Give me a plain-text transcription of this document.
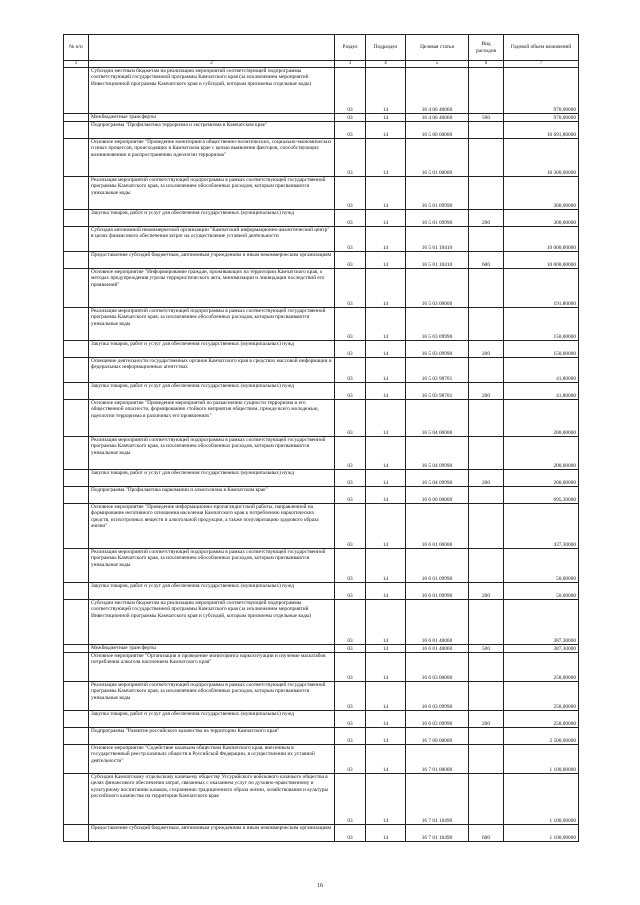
№ п/п		Раздел	Подраздел	Целевая статья	Вид расходов	Годовой объем назначений
1	2	3	4	5	6	7
	Субсидии местным бюджетам на реализацию мероприятий соответствующей подпрограммы соответствующей государственной программы Камчатского края (за исключением мероприятий Инвестиционной программы Камчатского края и субсидий, которым присвоены отдельные коды)	03	14	16 4 06 40060		970,00000
	Межбюджетные трансферты	03	14	16 4 06 40060	500	970,00000
	Подпрограмма "Профилактика терроризма и экстремизма в Камчатском крае"	03	14	16 5 00 00000		10 691,80000
	Основное мероприятие "Проведение мониторинга общественно-политических, социально-экономических и иных процессов, происходящих в Камчатском крае с целью выявления факторов, способствующих возникновению и распространению идеологии терроризма"	03	14	16 5 01 00000		10 300,00000
	Реализация мероприятий соответствующей подпрограммы в рамках соответствующей государственной программы Камчатского края, за исключением обособленных расходов, которым присваиваются уникальные коды	03	14	16 5 01 09990		300,00000
	Закупка товаров, работ и услуг для обеспечения государственных (муниципальных) нужд	03	14	16 5 01 09990	200	300,00000
	Субсидия автономной некоммерческой организации "Камчатский информационно-аналитический центр" в целях финансового обеспечения затрат на осуществление уставной деятельности	03	14	16 5 01 10410		10 000,00000
	Предоставление субсидий бюджетным, автономным учреждениям и иным некоммерческим организациям	03	14	16 5 01 10410	600	10 000,00000
	Основное мероприятие "Информирование граждан, проживающих на территории Камчатского края, о методах предупреждения угрозы террористического акта, минимизации и ликвидации последствий его проявлений"	03	14	16 5 03 00000		191,80000
	Реализация мероприятий соответствующей подпрограммы в рамках соответствующей государственной программы Камчатского края, за исключением обособленных расходов, которым присваиваются уникальные коды	03	14	16 5 03 09990		150,00000
	Закупка товаров, работ и услуг для обеспечения государственных (муниципальных) нужд	03	14	16 5 03 09990	200	150,00000
	Освещение деятельности государственных органов Камчатского края в средствах массовой информации и федеральных информационных агентствах	03	14	16 5 03 98701		41,80000
	Закупка товаров, работ и услуг для обеспечения государственных (муниципальных) нужд	03	14	16 5 03 98701	200	41,80000
	Основное мероприятие "Проведение мероприятий по разъяснению сущности терроризма и его общественной опасности, формированию стойкого неприятия обществом, прежде всего молодежью, идеологии терроризма в различных его проявлениях"	03	14	16 5 04 00000		200,00000
	Реализация мероприятий соответствующей подпрограммы в рамках соответствующей государственной программы Камчатского края, за исключением обособленных расходов, которым присваиваются уникальные коды	03	14	16 5 04 09990		200,00000
	Закупка товаров, работ и услуг для обеспечения государственных (муниципальных) нужд	03	14	16 5 04 09990	200	200,00000
	Подпрограмма "Профилактика наркомании и алкоголизма в Камчатском крае"	03	14	16 6 00 00000		695,30000
	Основное мероприятие "Проведение информационно-пропагандистской работы, направленной на формирование негативного отношения населения Камчатского края к потреблению наркотических средств, психотропных веществ и алкогольной продукции, а также популяризацию здорового образа жизни"	03	14	16 6 01 00000		437,30000
	Реализация мероприятий соответствующей подпрограммы в рамках соответствующей государственной программы Камчатского края, за исключением обособленных расходов, которым присваиваются уникальные коды	03	14	16 6 01 09990		50,00000
	Закупка товаров, работ и услуг для обеспечения государственных (муниципальных) нужд	03	14	16 6 01 09990	200	50,00000
	Субсидии местным бюджетам на реализацию мероприятий соответствующей подпрограммы соответствующей государственной программы Камчатского края (за исключением мероприятий Инвестиционной программы Камчатского края и субсидий, которым присвоены отдельные коды)	03	14	16 6 01 40060		387,30000
	Межбюджетные трансферты	03	14	16 6 01 40060	500	387,30000
	Основное мероприятие "Организация и проведение мониторинга наркоситуации и изучение масштабов потребления алкоголя населением Камчатского края"	03	14	16 6 03 00000		258,00000
	Реализация мероприятий соответствующей подпрограммы в рамках соответствующей государственной программы Камчатского края, за исключением обособленных расходов, которым присваиваются уникальные коды	03	14	16 6 03 09990		258,00000
	Закупка товаров, работ и услуг для обеспечения государственных (муниципальных) нужд	03	14	16 6 03 09990	200	258,00000
	Подпрограмма "Развитие российского казачества на территории Камчатского края"	03	14	16 7 00 00000		2 500,00000
	Основное мероприятие "Содействие казачьим обществам Камчатского края, внесенным в государственный реестр казачьих обществ в Российской Федерации, в осуществлении их уставной деятельности"	03	14	16 7 01 00000		1 100,00000
	Субсидии Камчатскому отдельскому казачьему обществу Уссурийского войскового казачьего общества в целях финансового обеспечения затрат, связанных с оказанием услуг по духовно-нравственному и культурному воспитанию казаков, сохранению традиционного образа жизни, хозяйствования и культуры российского казачества на территории Камчатского края	03	14	16 7 01 10490		1 100,00000
	Предоставление субсидий бюджетным, автономным учреждениям и иным некоммерческим организациям	03	14	16 7 01 10490	600	1 100,00000
16
